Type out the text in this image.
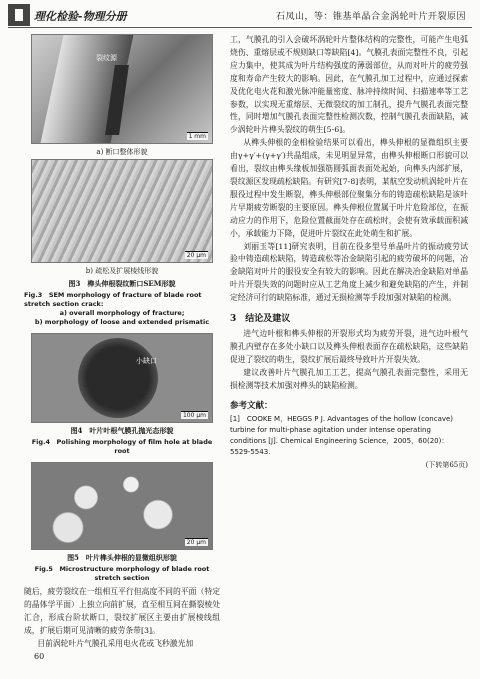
理化检验-物理分册	石凤山，等：锥基单晶合金涡轮叶片开裂原因
裂纹源
1 mm
a) 断口整体形貌
20 μm
b) 疏松及扩展棱线形貌
图3　榫头伸根裂纹断口SEM形貌
Fig.3　SEM morphology of fracture of blade root stretch section crack:
a) overall morphology of fracture;
b) morphology of loose and extended prismatic
小缺口
100 μm
图4　叶片叶根气膜孔抛光态形貌
Fig.4　Polishing morphology of film hole at blade root
20 μm
图5　叶片榫头伸根的显微组织形貌
Fig.5　Microstructure morphology of blade root stretch section

随后，疲劳裂纹在一组相互平行但高度不同的平面（特定的晶体学平面）上独立向前扩展，直至相互间在撕裂棱处汇合，形成台阶状断口，裂纹扩展区主要由扩展棱线组成，扩展后期可见清晰的疲劳条带[3]。

目前涡轮叶片气膜孔采用电火花或飞秒激光加

60

工，气膜孔的引入会破坏涡轮叶片整体结构的完整性，可能产生电弧烧伤、重熔层或不规则缺口等缺陷[4]。气膜孔表面完整性不良，引起应力集中，使其成为叶片结构强度的薄弱部位，从而对叶片的疲劳强度和寿命产生较大的影响。因此，在气膜孔加工过程中，应通过探索及优化电火花和激光脉冲能量密度、脉冲持续时间、扫描速率等工艺参数，以实现无重熔层、无微裂纹的加工制孔，提升气膜孔表面完整性，同时增加气膜孔表面完整性检测次数，控制气膜孔表面缺陷，减少涡轮叶片榫头裂纹的萌生[5-6]。

从榫头伸根的金相检验结果可以看出，榫头伸根的显微组织主要由γ+γ′+(γ+γ′)共晶组成，未见明显异常，由榫头伸根断口形貌可以看出，裂纹由榫头缘板加强筋圆弧面表面处起始，向榫头内部扩展，裂纹源区发现疏松缺陷。有研究[7-8]表明，某航空发动机涡轮叶片在服役过程中发生断裂，榫头伸根部位聚集分布的铸造疏松缺陷是该叶片早期疲劳断裂的主要原因。榫头伸根位置属于叶片危险部位，在振动应力的作用下，危险位置截面处存在疏松时，会使有效承载面积减小，承载能力下降，促进叶片裂纹在此处萌生和扩展。

刘丽玉等[11]研究表明，目前在役多型号单晶叶片的振动疲劳试验中铸造疏松缺陷，铸造疏松等冶金缺陷引起的疲劳破坏的问题，冶金缺陷对叶片的服役安全有较大的影响。因此在解决冶金缺陷对单晶叶片开裂失效的问题时应从工艺角度上减少和避免缺陷的产生，并制定经济可行的缺陷标准，通过无损检测等手段加强对缺陷的检测。

3　结论及建议

进气边叶根和榫头伸根的开裂形式均为疲劳开裂，进气边叶根气膜孔内壁存在多处小缺口以及榫头伸根表面存在疏松缺陷，这些缺陷促进了裂纹的萌生，裂纹扩展后最终导致叶片开裂失效。

建议改善叶片气膜孔加工工艺，提高气膜孔表面完整性，采用无损检测等技术加强对榫头的缺陷检测。

参考文献：
[1]　COOKE M，HEGGS P J. Advantages of the hollow (concave) turbine for multi-phase agitation under intense operating conditions [J]. Chemical Engineering Science，2005，60(20)：5529-5543.
(下转第65页)
